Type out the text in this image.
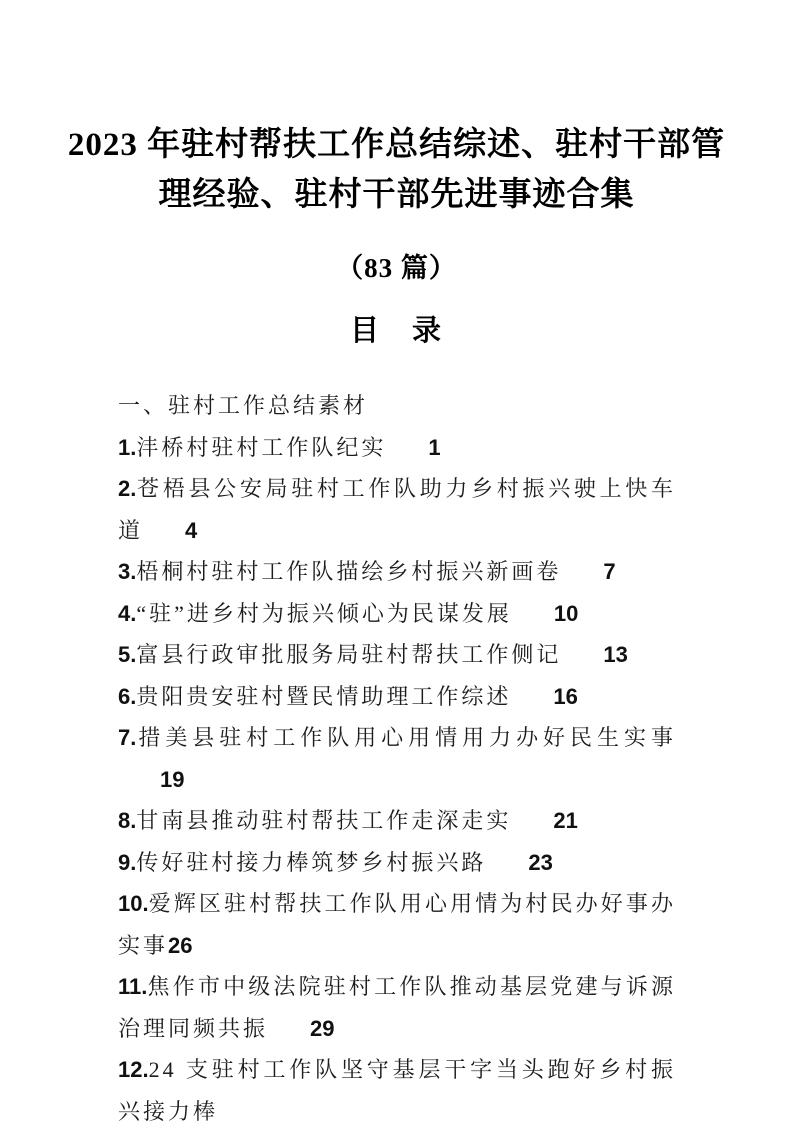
2023 年驻村帮扶工作总结综述、驻村干部管
理经验、驻村干部先进事迹合集
（83 篇）
目　录
一、驻村工作总结素材
1.沣桥村驻村工作队纪实 1
2.苍梧县公安局驻村工作队助力乡村振兴驶上快车道 4
3.梧桐村驻村工作队描绘乡村振兴新画卷 7
4.“驻”进乡村为振兴倾心为民谋发展 10
5.富县行政审批服务局驻村帮扶工作侧记 13
6.贵阳贵安驻村暨民情助理工作综述 16
7.措美县驻村工作队用心用情用力办好民生实事19
8.甘南县推动驻村帮扶工作走深走实 21
9.传好驻村接力棒筑梦乡村振兴路 23
10.爱辉区驻村帮扶工作队用心用情为村民办好事办实事26
11.焦作市中级法院驻村工作队推动基层党建与诉源治理同频共振 29
12.24 支驻村工作队坚守基层干字当头跑好乡村振兴接力棒
